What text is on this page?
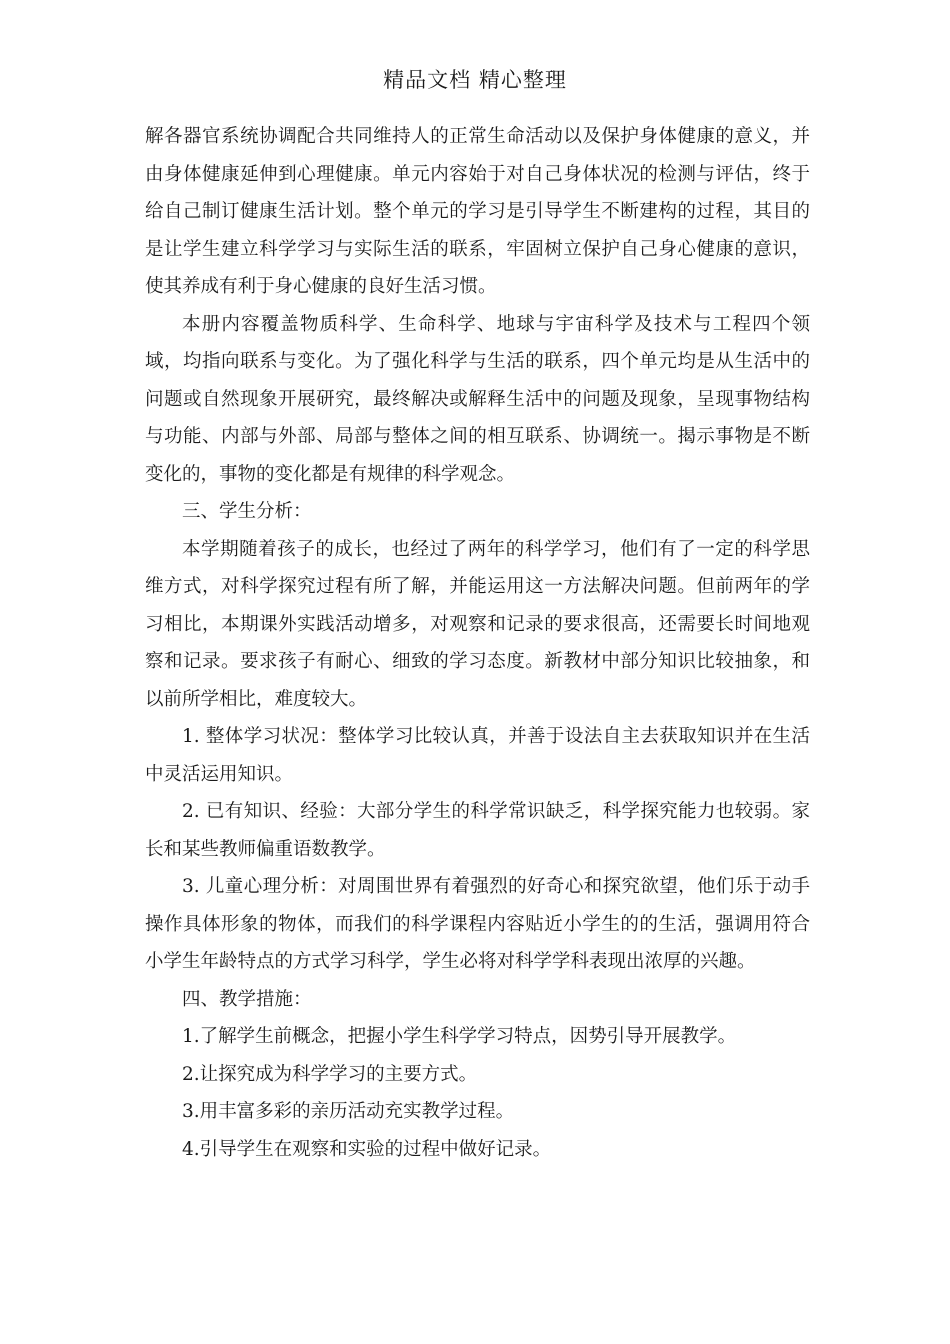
精品文档 精心整理

解各器官系统协调配合共同维持人的正常生命活动以及保护身体健康的意义，并由身体健康延伸到心理健康。单元内容始于对自己身体状况的检测与评估，终于给自己制订健康生活计划。整个单元的学习是引导学生不断建构的过程，其目的是让学生建立科学学习与实际生活的联系，牢固树立保护自己身心健康的意识，使其养成有利于身心健康的良好生活习惯。

本册内容覆盖物质科学、生命科学、地球与宇宙科学及技术与工程四个领域，均指向联系与变化。为了强化科学与生活的联系，四个单元均是从生活中的问题或自然现象开展研究，最终解决或解释生活中的问题及现象，呈现事物结构与功能、内部与外部、局部与整体之间的相互联系、协调统一。揭示事物是不断变化的，事物的变化都是有规律的科学观念。

三、学生分析：

本学期随着孩子的成长，也经过了两年的科学学习，他们有了一定的科学思维方式，对科学探究过程有所了解，并能运用这一方法解决问题。但前两年的学习相比，本期课外实践活动增多，对观察和记录的要求很高，还需要长时间地观察和记录。要求孩子有耐心、细致的学习态度。新教材中部分知识比较抽象，和以前所学相比，难度较大。

1. 整体学习状况：整体学习比较认真，并善于设法自主去获取知识并在生活中灵活运用知识。

2. 已有知识、经验：大部分学生的科学常识缺乏，科学探究能力也较弱。家长和某些教师偏重语数教学。

3. 儿童心理分析：对周围世界有着强烈的好奇心和探究欲望，他们乐于动手操作具体形象的物体，而我们的科学课程内容贴近小学生的的生活，强调用符合小学生年龄特点的方式学习科学，学生必将对科学学科表现出浓厚的兴趣。

四、教学措施：

1.了解学生前概念，把握小学生科学学习特点，因势引导开展教学。

2.让探究成为科学学习的主要方式。

3.用丰富多彩的亲历活动充实教学过程。

4.引导学生在观察和实验的过程中做好记录。
